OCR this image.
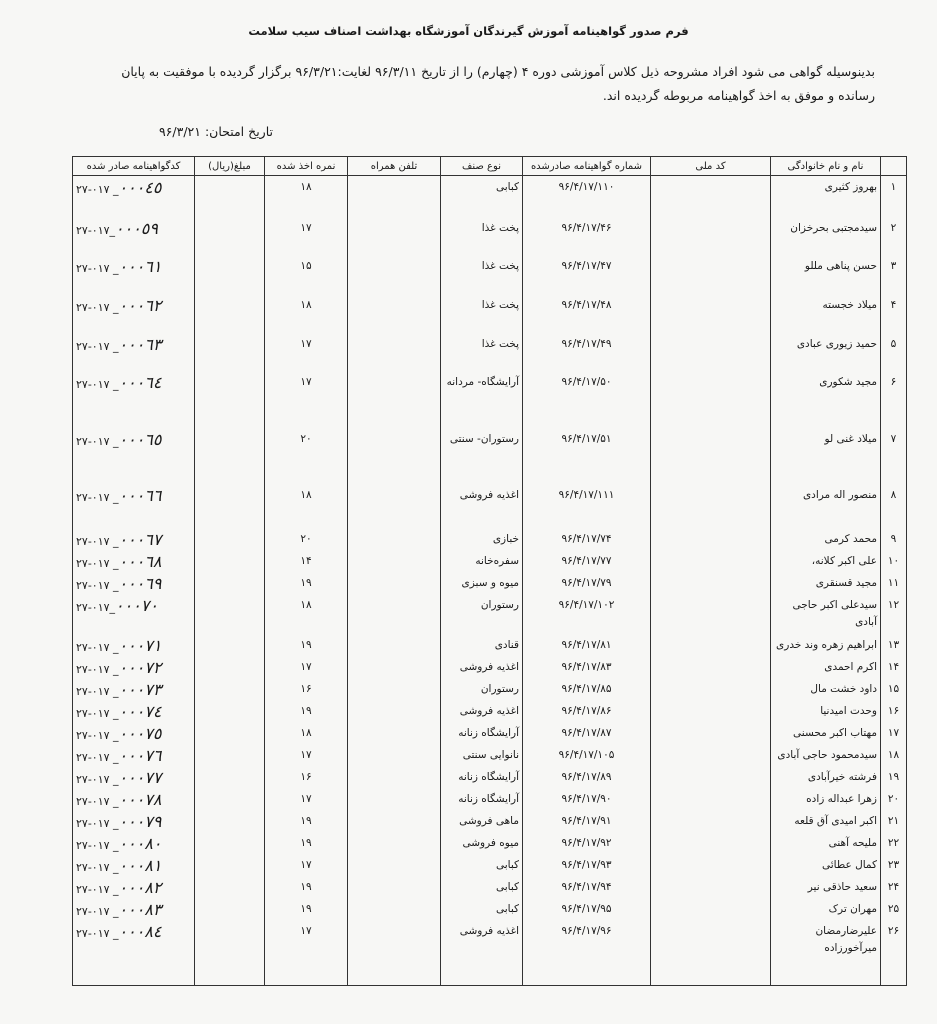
فرم صدور گواهینامه آموزش گیرندگان آموزشگاه بهداشت اصناف سیب سلامت
بدینوسیله گواهی می شود افراد مشروحه ذیل کلاس آموزشی دوره ۴ (چهارم) را از تاریخ ۹۶/۳/۱۱ لغایت:۹۶/۳/۲۱ برگزار گردیده با موفقیت به پایان رسانده و موفق به اخذ گواهینامه مربوطه گردیده اند.
تاریخ امتحان: ۹۶/۳/۲۱
	نام و نام خانوادگی	کد ملی	شماره گواهینامه صادرشده	نوع صنف	تلفن همراه	نمره اخذ شده	مبلغ(ریال)	کدگواهینامه صادر شده
۱	بهروز کثیری		۹۶/۴/۱۷/۱۱۰	کبابی		۱۸		۲۷-۰۱۷ _٠٠٠٤٥
۲	سیدمجتبی بحرخزان		۹۶/۴/۱۷/۴۶	پخت غذا		۱۷		۲۷-۰۱۷_٠٠٠٥٩
۳	حسن پناهی مللو		۹۶/۴/۱۷/۴۷	پخت غذا		۱۵		۲۷-۰۱۷ _٠٠٠٦١
۴	میلاد خجسته		۹۶/۴/۱۷/۴۸	پخت غذا		۱۸		۲۷-۰۱۷ _٠٠٠٦٢
۵	حمید زیوری عبادی		۹۶/۴/۱۷/۴۹	پخت غذا		۱۷		۲۷-۰۱۷ _٠٠٠٦٣
۶	مجید شکوری		۹۶/۴/۱۷/۵۰	آرایشگاه- مردانه		۱۷		۲۷-۰۱۷ _٠٠٠٦٤
۷	میلاد غنی لو		۹۶/۴/۱۷/۵۱	رستوران- سنتی		۲۰		۲۷-۰۱۷ _٠٠٠٦٥
۸	منصور اله مرادی		۹۶/۴/۱۷/۱۱۱	اغذیه فروشی		۱۸		۲۷-۰۱۷ _٠٠٠٦٦
۹	محمد کرمی		۹۶/۴/۱۷/۷۴	خبازی		۲۰		۲۷-۰۱۷ _٠٠٠٦٧
۱۰	علی اکبر کلانه،		۹۶/۴/۱۷/۷۷	سفره‌خانه		۱۴		۲۷-۰۱۷ _٠٠٠٦٨
۱۱	مجید قسنقری		۹۶/۴/۱۷/۷۹	میوه و سبزی		۱۹		۲۷-۰۱۷ _٠٠٠٦٩
۱۲	سیدعلی اکبر حاجی آبادی		۹۶/۴/۱۷/۱۰۲	رستوران		۱۸		۲۷-۰۱۷_٠٠٠٧٠
۱۳	ابراهیم زهره وند خدری		۹۶/۴/۱۷/۸۱	قنادی		۱۹		۲۷-۰۱۷ _٠٠٠٧١
۱۴	اکرم احمدی		۹۶/۴/۱۷/۸۳	اغذیه فروشی		۱۷		۲۷-۰۱۷ _٠٠٠٧٢
۱۵	داود خشت مال		۹۶/۴/۱۷/۸۵	رستوران		۱۶		۲۷-۰۱۷ _٠٠٠٧٣
۱۶	وحدت امیدنیا		۹۶/۴/۱۷/۸۶	اغذیه فروشی		۱۹		۲۷-۰۱۷ _٠٠٠٧٤
۱۷	مهتاب اکبر محسنی		۹۶/۴/۱۷/۸۷	آرایشگاه زنانه		۱۸		۲۷-۰۱۷ _٠٠٠٧٥
۱۸	سیدمحمود حاجی آبادی		۹۶/۴/۱۷/۱۰۵	نانوایی سنتی		۱۷		۲۷-۰۱۷ _٠٠٠٧٦
۱۹	فرشته خیرآبادی		۹۶/۴/۱۷/۸۹	آرایشگاه زنانه		۱۶		۲۷-۰۱۷ _٠٠٠٧٧
۲۰	زهرا عبداله زاده		۹۶/۴/۱۷/۹۰	آرایشگاه زنانه		۱۷		۲۷-۰۱۷ _٠٠٠٧٨
۲۱	اکبر امیدی آق قلعه		۹۶/۴/۱۷/۹۱	ماهی فروشی		۱۹		۲۷-۰۱۷ _٠٠٠٧٩
۲۲	ملیحه آهنی		۹۶/۴/۱۷/۹۲	میوه فروشی		۱۹		۲۷-۰۱۷ _٠٠٠٨٠
۲۳	کمال عطائی		۹۶/۴/۱۷/۹۳	کبابی		۱۷		۲۷-۰۱۷ _٠٠٠٨١
۲۴	سعید حاذقی نیر		۹۶/۴/۱۷/۹۴	کبابی		۱۹		۲۷-۰۱۷ _٠٠٠٨٢
۲۵	مهران ترک		۹۶/۴/۱۷/۹۵	کبابی		۱۹		۲۷-۰۱۷ _٠٠٠٨٣
۲۶	علیرضارمضان میرآخورزاده		۹۶/۴/۱۷/۹۶	اغذیه فروشی		۱۷		۲۷-۰۱۷ _٠٠٠٨٤
